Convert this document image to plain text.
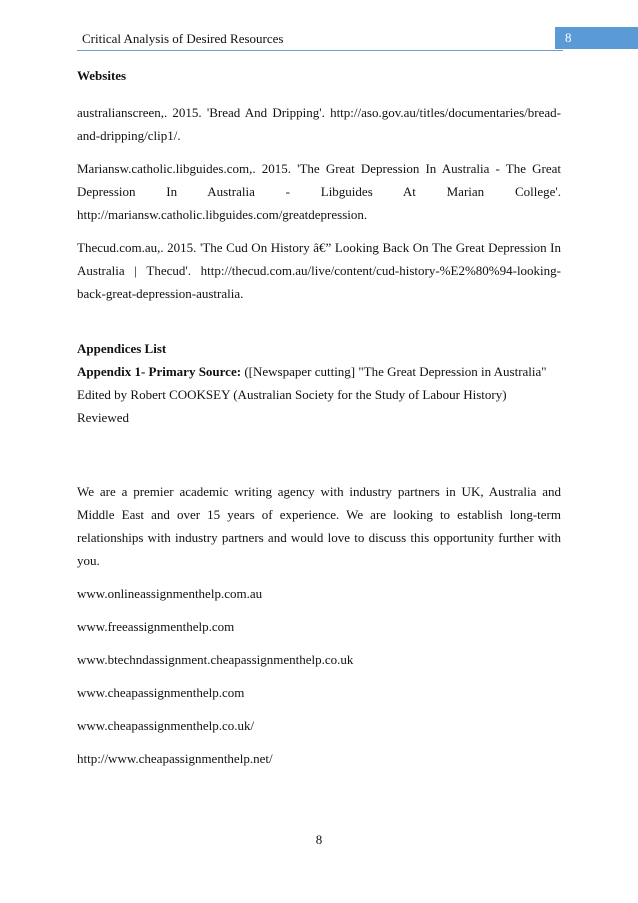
Critical Analysis of Desired Resources	8

Websites

australianscreen,. 2015. 'Bread And Dripping'. http://aso.gov.au/titles/documentaries/bread-and-dripping/clip1/.

Mariansw.catholic.libguides.com,. 2015. 'The Great Depression In Australia - The Great Depression In Australia - Libguides At Marian College'. http://mariansw.catholic.libguides.com/greatdepression.

Thecud.com.au,. 2015. 'The Cud On History â€” Looking Back On The Great Depression In Australia | Thecud'. http://thecud.com.au/live/content/cud-history-%E2%80%94-looking-back-great-depression-australia.

Appendices List

Appendix 1- Primary Source: ([Newspaper cutting] "The Great Depression in Australia" Edited by Robert COOKSEY (Australian Society for the Study of Labour History) Reviewed

We are a premier academic writing agency with industry partners in UK, Australia and Middle East and over 15 years of experience. We are looking to establish long-term relationships with industry partners and would love to discuss this opportunity further with you.

www.onlineassignmenthelp.com.au

www.freeassignmenthelp.com

www.btechndassignment.cheapassignmenthelp.co.uk

www.cheapassignmenthelp.com

www.cheapassignmenthelp.co.uk/

http://www.cheapassignmenthelp.net/

8
